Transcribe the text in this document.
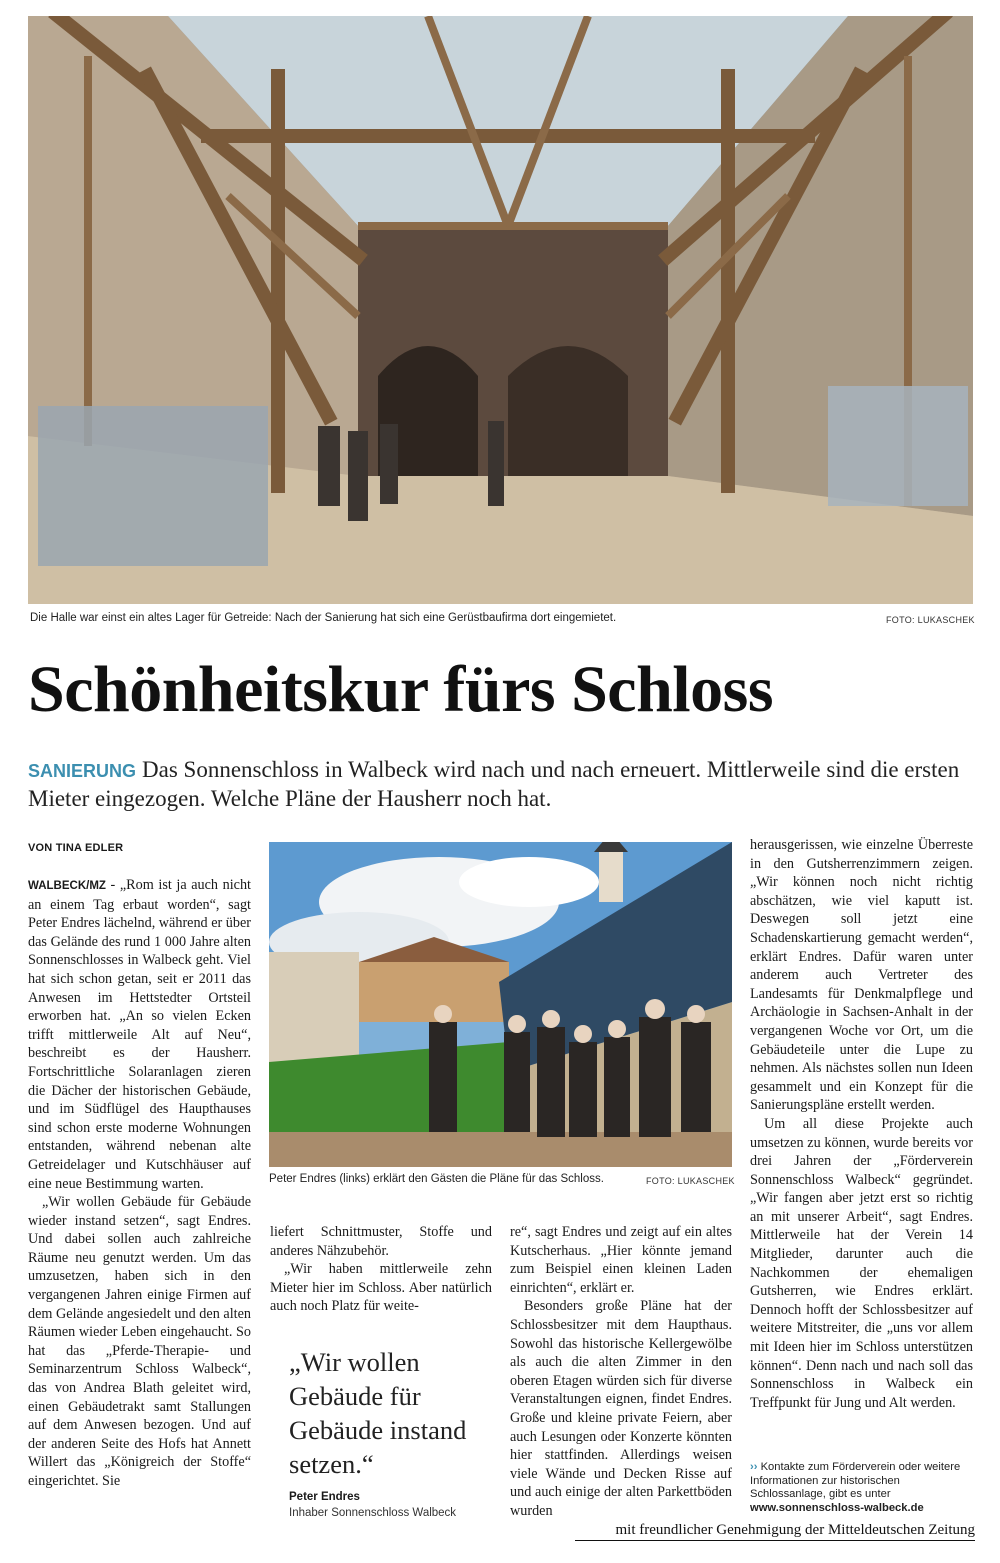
Die Halle war einst ein altes Lager für Getreide: Nach der Sanierung hat sich eine Gerüstbaufirma dort eingemietet.	FOTO: LUKASCHEK
Schönheitskur fürs Schloss
SANIERUNG Das Sonnenschloss in Walbeck wird nach und nach erneuert. Mittlerweile sind die ersten Mieter eingezogen. Welche Pläne der Hausherr noch hat.
VON TINA EDLER

WALBECK/MZ - „Rom ist ja auch nicht an einem Tag erbaut worden“, sagt Peter Endres lächelnd, während er über das Gelände des rund 1 000 Jahre alten Sonnenschlosses in Walbeck geht. Viel hat sich schon getan, seit er 2011 das Anwesen im Hettstedter Ortsteil erworben hat. „An so vielen Ecken trifft mittlerweile Alt auf Neu“, beschreibt es der Hausherr. Fortschrittliche Solaranlagen zieren die Dächer der historischen Gebäude, und im Südflügel des Haupthauses sind schon erste moderne Wohnungen entstanden, während nebenan alte Getreidelager und Kutschhäuser auf eine neue Bestimmung warten.

„Wir wollen Gebäude für Gebäude wieder instand setzen“, sagt Endres. Und dabei sollen auch zahlreiche Räume neu genutzt werden. Um das umzusetzen, haben sich in den vergangenen Jahren einige Firmen auf dem Gelände angesiedelt und den alten Räumen wieder Leben eingehaucht. So hat das „Pferde-Therapie- und Seminarzentrum Schloss Walbeck“, das von Andrea Blath geleitet wird, einen Gebäudetrakt samt Stallungen auf dem Anwesen bezogen. Und auf der anderen Seite des Hofs hat Annett Willert das „Königreich der Stoffe“ eingerichtet. Sie

Peter Endres (links) erklärt den Gästen die Pläne für das Schloss.	FOTO: LUKASCHEK

liefert Schnittmuster, Stoffe und anderes Nähzubehör.

„Wir haben mittlerweile zehn Mieter hier im Schloss. Aber natürlich auch noch Platz für weite-

„Wir wollen Gebäude für Gebäude instand setzen.“
Peter Endres
Inhaber Sonnenschloss Walbeck

re“, sagt Endres und zeigt auf ein altes Kutscherhaus. „Hier könnte jemand zum Beispiel einen kleinen Laden einrichten“, erklärt er.

Besonders große Pläne hat der Schlossbesitzer mit dem Haupthaus. Sowohl das historische Kellergewölbe als auch die alten Zimmer in den oberen Etagen würden sich für diverse Veranstaltungen eignen, findet Endres. Große und kleine private Feiern, aber auch Lesungen oder Konzerte könnten hier stattfinden. Allerdings weisen viele Wände und Decken Risse auf und auch einige der alten Parkettböden wurden

herausgerissen, wie einzelne Überreste in den Gutsherrenzimmern zeigen. „Wir können noch nicht richtig abschätzen, wie viel kaputt ist. Deswegen soll jetzt eine Schadenskartierung gemacht werden“, erklärt Endres. Dafür waren unter anderem auch Vertreter des Landesamts für Denkmalpflege und Archäologie in Sachsen-Anhalt in der vergangenen Woche vor Ort, um die Gebäudeteile unter die Lupe zu nehmen. Als nächstes sollen nun Ideen gesammelt und ein Konzept für die Sanierungspläne erstellt werden.

Um all diese Projekte auch umsetzen zu können, wurde bereits vor drei Jahren der „Förderverein Sonnenschloss Walbeck“ gegründet. „Wir fangen aber jetzt erst so richtig an mit unserer Arbeit“, sagt Endres. Mittlerweile hat der Verein 14 Mitglieder, darunter auch die Nachkommen der ehemaligen Gutsherren, wie Endres erklärt. Dennoch hofft der Schlossbesitzer auf weitere Mitstreiter, die „uns vor allem mit Ideen hier im Schloss unterstützen können“. Denn nach und nach soll das Sonnenschloss in Walbeck ein Treffpunkt für Jung und Alt werden.

›› Kontakte zum Förderverein oder weitere Informationen zur historischen Schlossanlage, gibt es unter
www.sonnenschloss-walbeck.de
mit freundlicher Genehmigung der Mitteldeutschen Zeitung
